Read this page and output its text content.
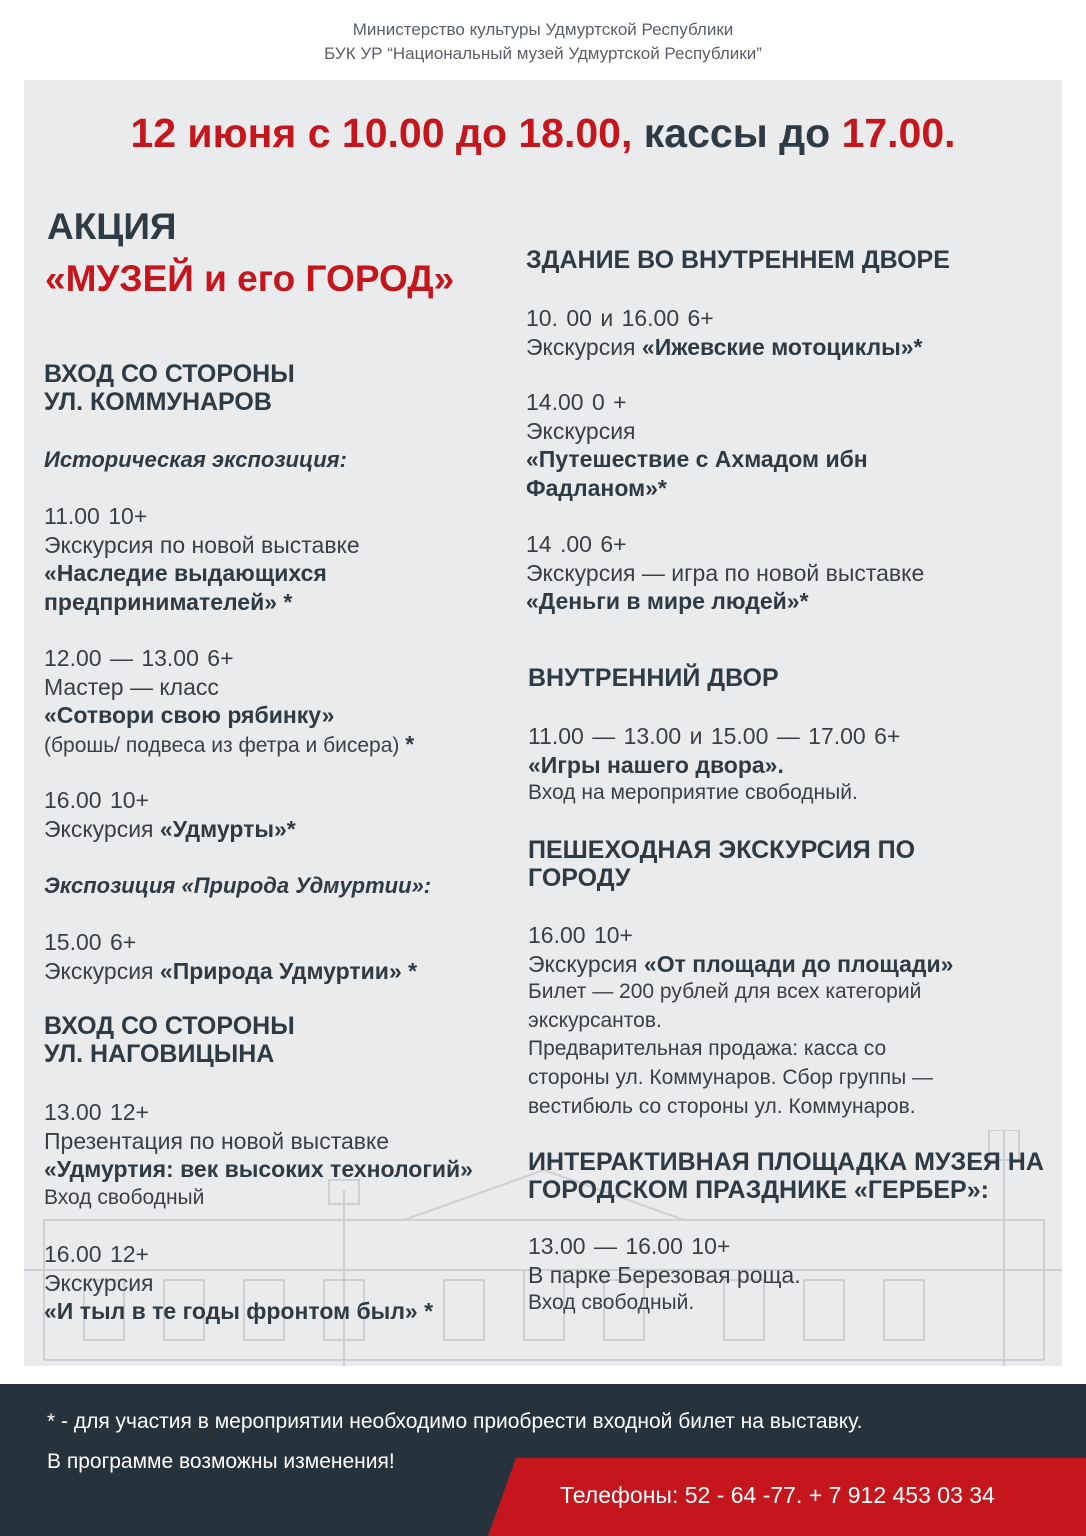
Министерство культуры Удмуртской Республики
БУК УР “Национальный музей Удмуртской Республики”
12 июня с 10.00 до 18.00, кассы до 17.00.
АКЦИЯ
«МУЗЕЙ и его ГОРОД»
ВХОД СО СТОРОНЫ
УЛ. КОММУНАРОВ
Историческая экспозиция:
11.00 10+
Экскурсия по новой выставке
«Наследие выдающихся
предпринимателей» *
12.00 — 13.00 6+
Мастер — класс
«Сотвори свою рябинку»
(брошь/ подвеса из фетра и бисера) *
16.00 10+
Экскурсия «Удмурты»*
Экспозиция «Природа Удмуртии»:
15.00 6+
Экскурсия «Природа Удмуртии» *
ВХОД СО СТОРОНЫ
УЛ. НАГОВИЦЫНА
13.00 12+
Презентация по новой выставке
«Удмуртия: век высоких технологий»
Вход свободный
16.00 12+
Экскурсия
«И тыл в те годы фронтом был» *
ЗДАНИЕ ВО ВНУТРЕННЕМ ДВОРЕ
10. 00 и 16.00 6+
Экскурсия «Ижевские мотоциклы»*
14.00 0 +
Экскурсия
«Путешествие с Ахмадом ибн
Фадланом»*
14 .00 6+
Экскурсия — игра по новой выставке
«Деньги в мире людей»*
ВНУТРЕННИЙ ДВОР
11.00 — 13.00 и 15.00 — 17.00 6+
«Игры нашего двора».
Вход на мероприятие свободный.
ПЕШЕХОДНАЯ ЭКСКУРСИЯ ПО
ГОРОДУ
16.00 10+
Экскурсия «От площади до площади»
Билет — 200 рублей для всех категорий
экскурсантов.
Предварительная продажа: касса со
стороны ул. Коммунаров. Сбор группы —
вестибюль со стороны ул. Коммунаров.
ИНТЕРАКТИВНАЯ ПЛОЩАДКА МУЗЕЯ НА
ГОРОДСКОМ ПРАЗДНИКЕ «ГЕРБЕР»:
13.00 — 16.00 10+
В парке Березовая роща.
Вход свободный.
* - для участия в мероприятии необходимо приобрести входной билет на выставку.
В программе возможны изменения!
Телефоны: 52 - 64 -77. + 7 912 453 03 34
